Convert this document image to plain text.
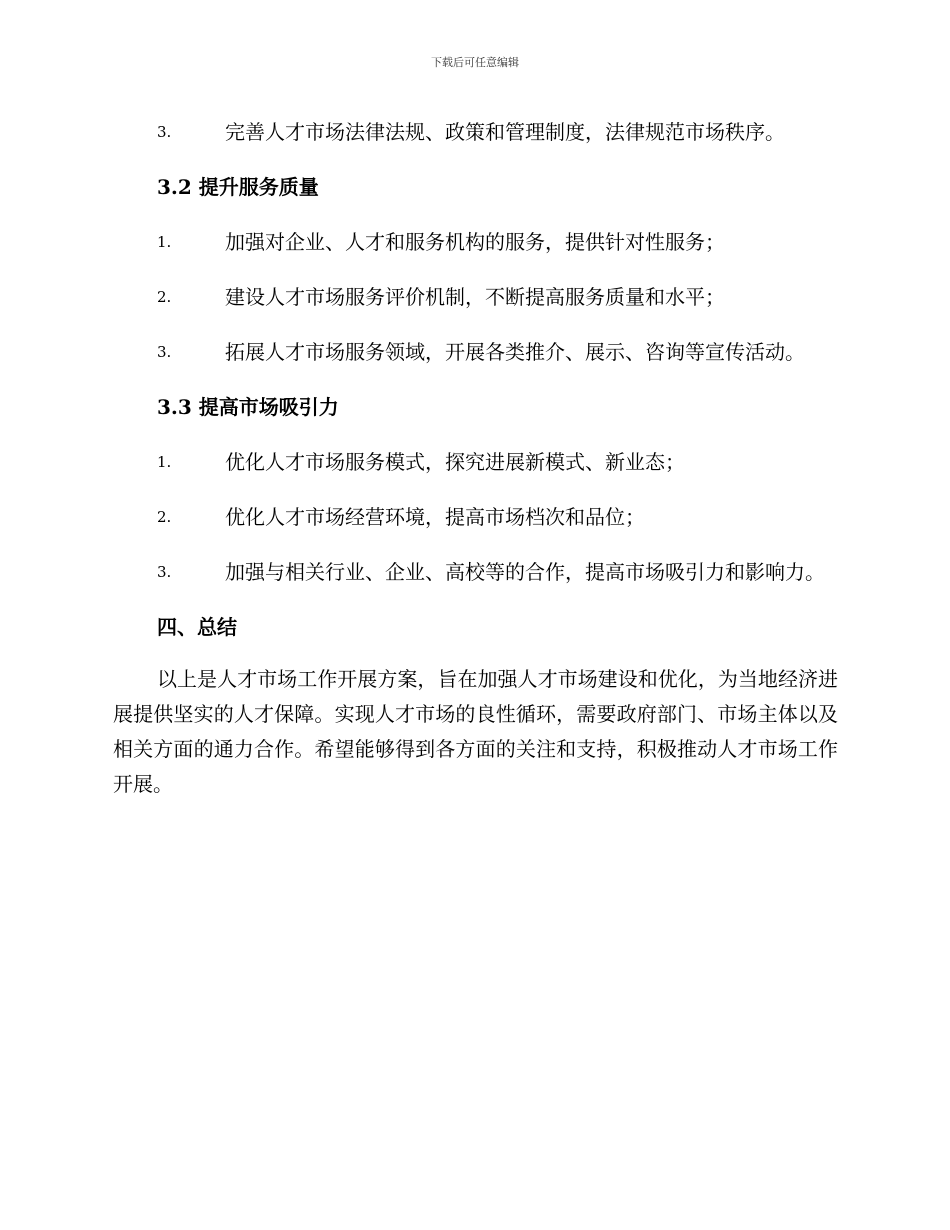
下载后可任意编辑
3.	完善人才市场法律法规、政策和管理制度，法律规范市场秩序。
3.2 提升服务质量
1.	加强对企业、人才和服务机构的服务，提供针对性服务；
2.	建设人才市场服务评价机制，不断提高服务质量和水平；
3.	拓展人才市场服务领域，开展各类推介、展示、咨询等宣传活动。
3.3 提高市场吸引力
1.	优化人才市场服务模式，探究进展新模式、新业态；
2.	优化人才市场经营环境，提高市场档次和品位；
3.	加强与相关行业、企业、高校等的合作，提高市场吸引力和影响力。
四、总结
以上是人才市场工作开展方案，旨在加强人才市场建设和优化，为当地经济进展提供坚实的人才保障。实现人才市场的良性循环，需要政府部门、市场主体以及相关方面的通力合作。希望能够得到各方面的关注和支持，积极推动人才市场工作开展。
